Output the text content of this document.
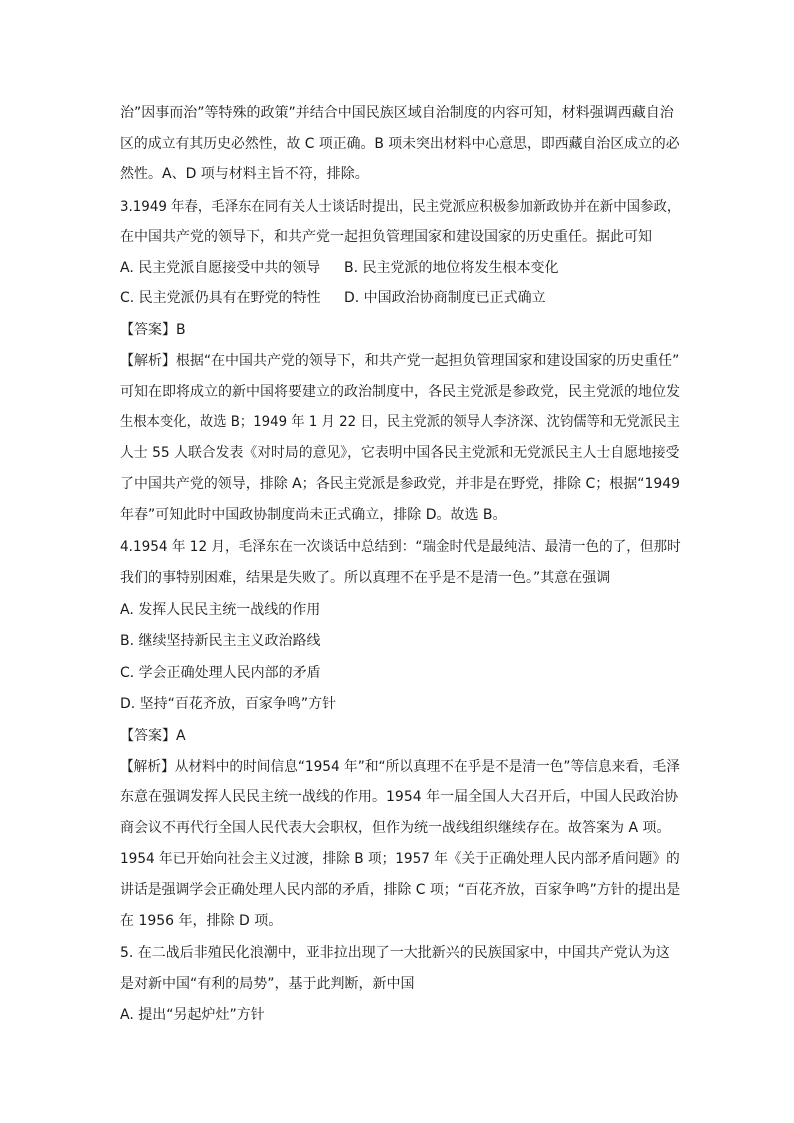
治”因事而治”等特殊的政策”并结合中国民族区域自治制度的内容可知，材料强调西藏自治
区的成立有其历史必然性，故 C 项正确。B 项未突出材料中心意思，即西藏自治区成立的必
然性。A、D 项与材料主旨不符，排除。
3.1949 年春，毛泽东在同有关人士谈话时提出，民主党派应积极参加新政协并在新中国参政，
在中国共产党的领导下，和共产党一起担负管理国家和建设国家的历史重任。据此可知
A. 民主党派自愿接受中共的领导 B. 民主党派的地位将发生根本变化
C. 民主党派仍具有在野党的特性 D. 中国政治协商制度已正式确立
【答案】B
【解析】根据“在中国共产党的领导下，和共产党一起担负管理国家和建设国家的历史重任”
可知在即将成立的新中国将要建立的政治制度中，各民主党派是参政党，民主党派的地位发
生根本变化，故选 B；1949 年 1 月 22 日，民主党派的领导人李济深、沈钧儒等和无党派民主
人士 55 人联合发表《对时局的意见》，它表明中国各民主党派和无党派民主人士自愿地接受
了中国共产党的领导，排除 A；各民主党派是参政党，并非是在野党，排除 C；根据“1949
年春”可知此时中国政协制度尚未正式确立，排除 D。故选 B。
4.1954 年 12 月，毛泽东在一次谈话中总结到：“瑞金时代是最纯洁、最清一色的了，但那时
我们的事特别困难，结果是失败了。所以真理不在乎是不是清一色。”其意在强调
A. 发挥人民民主统一战线的作用
B. 继续坚持新民主主义政治路线
C. 学会正确处理人民内部的矛盾
D. 坚持“百花齐放，百家争鸣”方针
【答案】A
【解析】从材料中的时间信息“1954 年”和“所以真理不在乎是不是清一色”等信息来看，毛泽
东意在强调发挥人民民主统一战线的作用。1954 年一届全国人大召开后，中国人民政治协
商会议不再代行全国人民代表大会职权，但作为统一战线组织继续存在。故答案为 A 项。
1954 年已开始向社会主义过渡，排除 B 项；1957 年《关于正确处理人民内部矛盾问题》的
讲话是强调学会正确处理人民内部的矛盾，排除 C 项；“百花齐放，百家争鸣”方针的提出是
在 1956 年，排除 D 项。
5. 在二战后非殖民化浪潮中，亚非拉出现了一大批新兴的民族国家中，中国共产党认为这
是对新中国“有利的局势”，基于此判断，新中国
A. 提出“另起炉灶”方针
